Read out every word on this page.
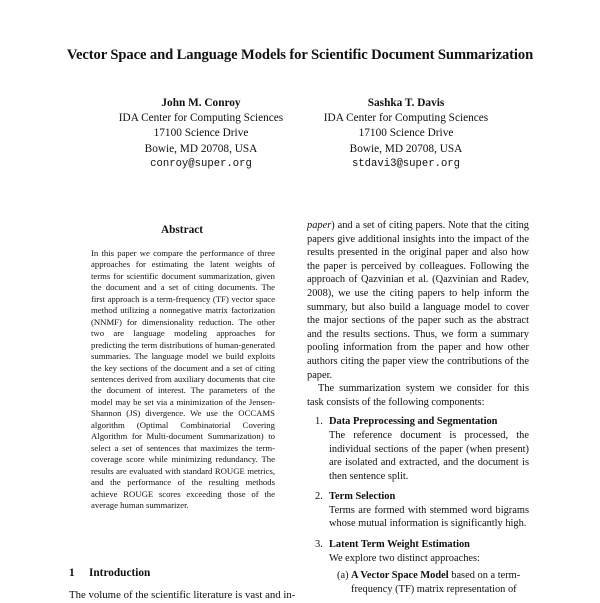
Vector Space and Language Models for Scientific Document Summarization
John M. Conroy
IDA Center for Computing Sciences
17100 Science Drive
Bowie, MD 20708, USA
conroy@super.org
Sashka T. Davis
IDA Center for Computing Sciences
17100 Science Drive
Bowie, MD 20708, USA
stdavi3@super.org
Abstract
In this paper we compare the performance of three approaches for estimating the latent weights of terms for scientific document summarization, given the document and a set of citing documents. The first approach is a term-frequency (TF) vector space method utilizing a nonnegative matrix factorization (NNMF) for dimensionality reduction. The other two are language modeling approaches for predicting the term distributions of human-generated summaries. The language model we build exploits the key sections of the document and a set of citing sentences derived from auxiliary documents that cite the document of interest. The parameters of the model may be set via a minimization of the Jensen-Shannon (JS) divergence. We use the OCCAMS algorithm (Optimal Combinatorial Covering Algorithm for Multi-document Summarization) to select a set of sentences that maximizes the term-coverage score while minimizing redundancy. The results are evaluated with standard ROUGE metrics, and the performance of the resulting methods achieve ROUGE scores exceeding those of the average human summarizer.
1 Introduction
The volume of the scientific literature is vast and in-

paper) and a set of citing papers. Note that the citing papers give additional insights into the impact of the results presented in the original paper and also how the paper is perceived by colleagues. Following the approach of Qazvinian et al. (Qazvinian and Radev, 2008), we use the citing papers to help inform the summary, but also build a language model to cover the major sections of the paper such as the abstract and the results sections. Thus, we form a summary pooling information from the paper and how other authors citing the paper view the contributions of the paper.

The summarization system we consider for this task consists of the following components:

1. Data Preprocessing and Segmentation
The reference document is processed, the individual sections of the paper (when present) are isolated and extracted, and the document is then sentence split.
2. Term Selection
Terms are formed with stemmed word bigrams whose mutual information is significantly high.
3. Latent Term Weight Estimation
We explore two distinct approaches:
(a) A Vector Space Model based on a term-frequency (TF) matrix representation of
